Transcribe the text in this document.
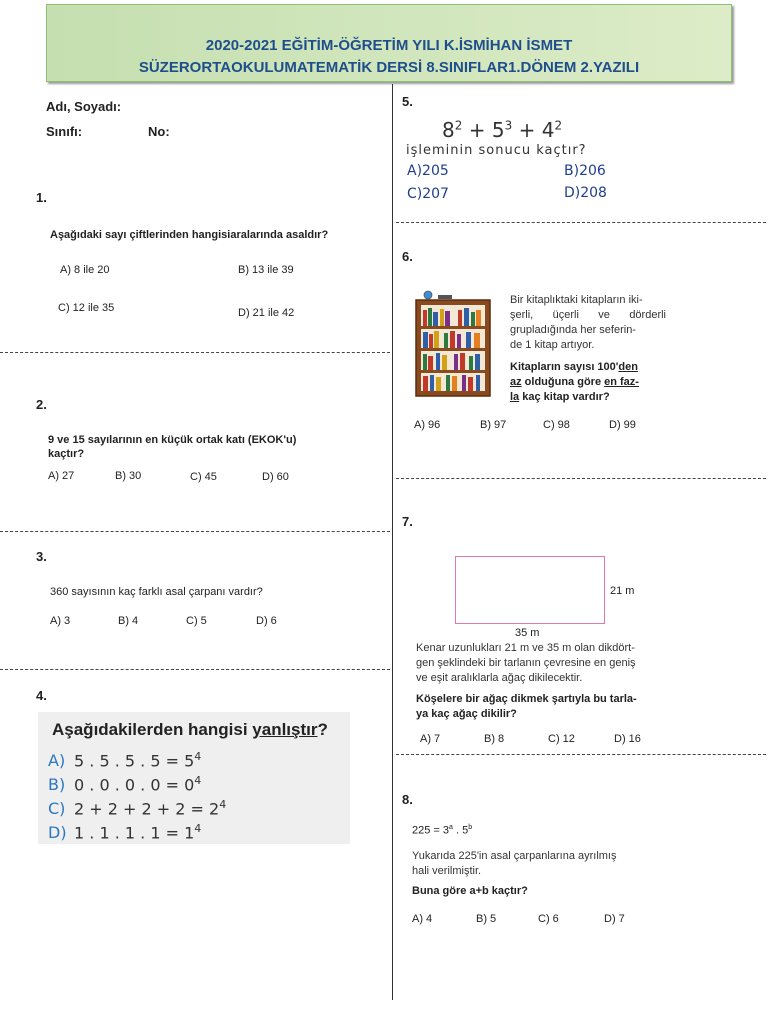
2020-2021 EĞİTİM-ÖĞRETİM YILI K.İSMİHAN İSMET
SÜZERORTAOKULUMATEMATİK DERSİ 8.SINIFLAR1.DÖNEM 2.YAZILI
Adı, Soyadı:
Sınıfı:	No:
1.
Aşağıdaki sayı çiftlerinden hangisiaralarında asaldır?
A) 8 ile 20	B) 13 ile 39
C) 12 ile 35	D) 21 ile 42
2.
9 ve 15 sayılarının en küçük ortak katı (EKOK'u)
kaçtır?
A) 27	B) 30	C) 45	D) 60
3.
360 sayısının kaç farklı asal çarpanı vardır?
A) 3	B) 4	C) 5	D) 6
4.
Aşağıdakilerden hangisi yanlıştır?
A) 5 . 5 . 5 . $5 = 5^4$
B) 0 . 0 . 0 . $0 = 0^4$
C) $2 + 2 + 2 + 2 = 2^4$
D) 1 . 1 . 1 . $1 = 1^4$
5.
$8^2 + 5^3 + 4^2$
işleminin sonucu kaçtır?
A)205	B)206
C)207	D)208
6.
Bir kitaplıktaki kitapların iki-
şerli, üçerli ve dörderli
grupladığında her seferin-
de 1 kitap artıyor.
Kitapların sayısı 100'den
az olduğuna göre en faz-
la kaç kitap vardır?
A) 96	B) 97	C) 98	D) 99
7.
21 m
35 m
Kenar uzunlukları 21 m ve 35 m olan dikdört-
gen şeklindeki bir tarlanın çevresine en geniş
ve eşit aralıklarla ağaç dikilecektir.
Köşelere bir ağaç dikmek şartıyla bu tarla-
ya kaç ağaç dikilir?
A) 7	B) 8	C) 12	D) 16
8.
$225 = 3^a$ . 5$^b$
Yukarıda 225'in asal çarpanlarına ayrılmış
hali verilmiştir.
Buna göre a+b kaçtır?
A) 4	B) 5	C) 6	D) 7
